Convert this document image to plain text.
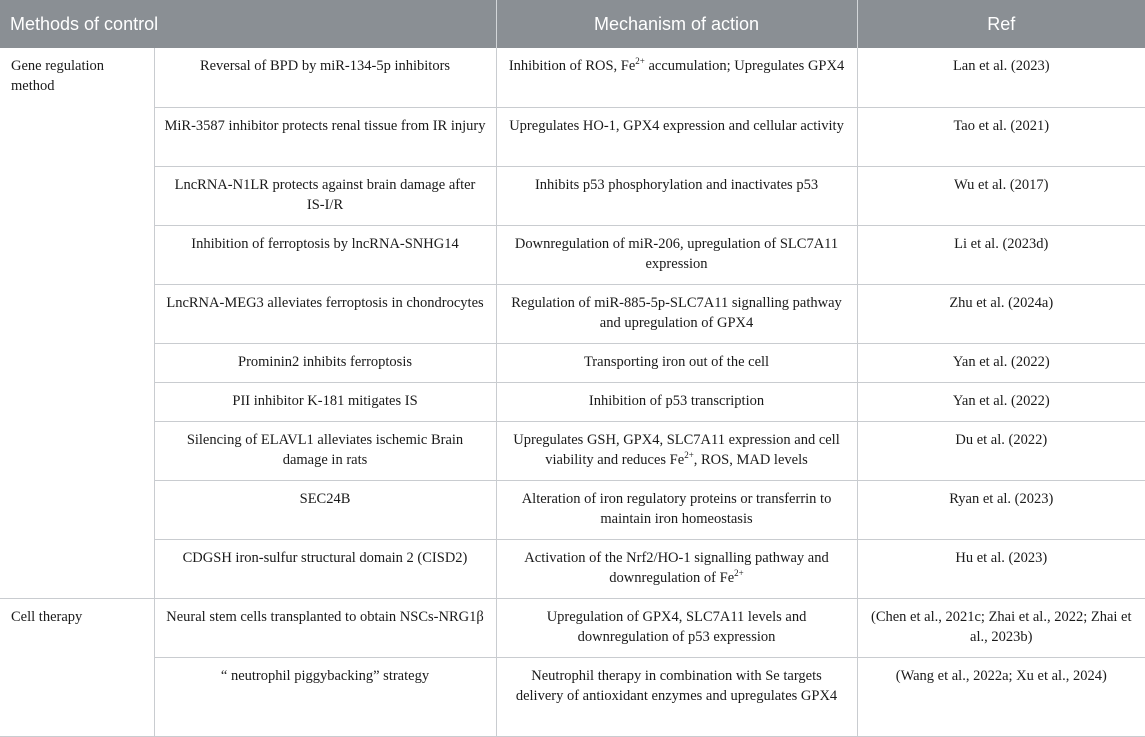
Methods of control		Mechanism of action	Ref
Gene regulation method	Reversal of BPD by miR-134-5p inhibitors	Inhibition of ROS, $Fe^{2+}$ accumulation; Upregulates GPX4	Lan et al. (2023)
	MiR-3587 inhibitor protects renal tissue from IR injury	Upregulates HO-1, GPX4 expression and cellular activity	Tao et al. (2021)
	LncRNA-N1LR protects against brain damage after IS-I/R	Inhibits p53 phosphorylation and inactivates p53	Wu et al. (2017)
	Inhibition of ferroptosis by lncRNA-SNHG14	Downregulation of miR-206, upregulation of SLC7A11 expression	Li et al. (2023d)
	LncRNA-MEG3 alleviates ferroptosis in chondrocytes	Regulation of miR-885-5p-SLC7A11 signalling pathway and upregulation of GPX4	Zhu et al. (2024a)
	Prominin2 inhibits ferroptosis	Transporting iron out of the cell	Yan et al. (2022)
	PII inhibitor K-181 mitigates IS	Inhibition of p53 transcription	Yan et al. (2022)
	Silencing of ELAVL1 alleviates ischemic Brain damage in rats	Upregulates GSH, GPX4, SLC7A11 expression and cell viability and reduces $Fe^{2+}$, ROS, MAD levels	Du et al. (2022)
	SEC24B	Alteration of iron regulatory proteins or transferrin to maintain iron homeostasis	Ryan et al. (2023)
	CDGSH iron-sulfur structural domain 2 (CISD2)	Activation of the Nrf2/HO-1 signalling pathway and downregulation of $Fe^{2+}$	Hu et al. (2023)
Cell therapy	Neural stem cells transplanted to obtain NSCs-NRG1β	Upregulation of GPX4, SLC7A11 levels and downregulation of p53 expression	(Chen et al., 2021c; Zhai et al., 2022; Zhai et al., 2023b)
	“ neutrophil piggybacking” strategy	Neutrophil therapy in combination with Se targets delivery of antioxidant enzymes and upregulates GPX4	(Wang et al., 2022a; Xu et al., 2024)
